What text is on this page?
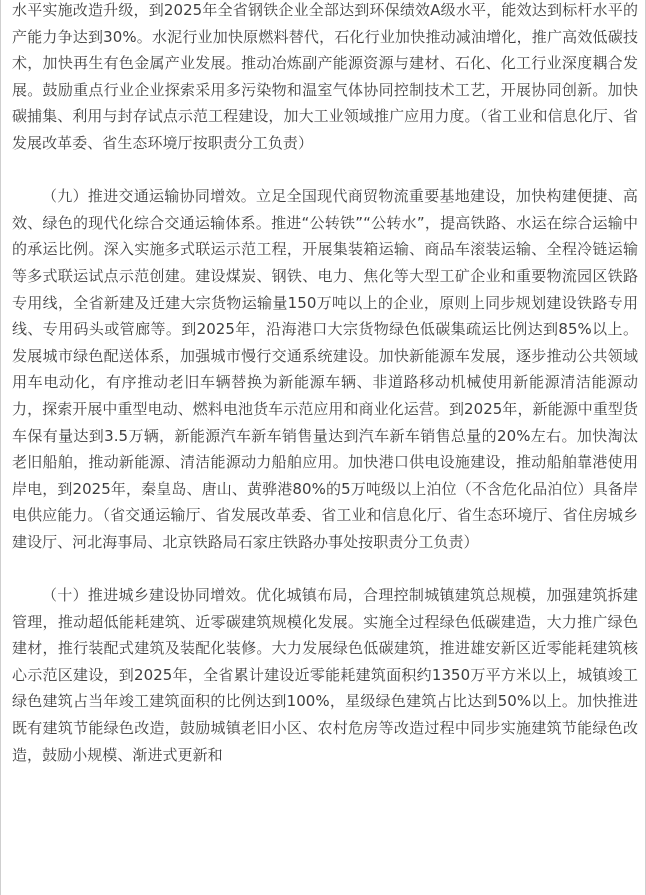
水平实施改造升级，到2025年全省钢铁企业全部达到环保绩效A级水平，能效达到标杆水平的产能力争达到30%。水泥行业加快原燃料替代，石化行业加快推动减油增化，推广高效低碳技术，加快再生有色金属产业发展。推动冶炼副产能源资源与建材、石化、化工行业深度耦合发展。鼓励重点行业企业探索采用多污染物和温室气体协同控制技术工艺，开展协同创新。加快碳捕集、利用与封存试点示范工程建设，加大工业领域推广应用力度。（省工业和信息化厅、省发展改革委、省生态环境厅按职责分工负责）

（九）推进交通运输协同增效。立足全国现代商贸物流重要基地建设，加快构建便捷、高效、绿色的现代化综合交通运输体系。推进“公转铁”“公转水”，提高铁路、水运在综合运输中的承运比例。深入实施多式联运示范工程，开展集装箱运输、商品车滚装运输、全程冷链运输等多式联运试点示范创建。建设煤炭、钢铁、电力、焦化等大型工矿企业和重要物流园区铁路专用线，全省新建及迁建大宗货物运输量150万吨以上的企业，原则上同步规划建设铁路专用线、专用码头或管廊等。到2025年，沿海港口大宗货物绿色低碳集疏运比例达到85%以上。发展城市绿色配送体系，加强城市慢行交通系统建设。加快新能源车发展，逐步推动公共领域用车电动化，有序推动老旧车辆替换为新能源车辆、非道路移动机械使用新能源清洁能源动力，探索开展中重型电动、燃料电池货车示范应用和商业化运营。到2025年，新能源中重型货车保有量达到3.5万辆，新能源汽车新车销售量达到汽车新车销售总量的20%左右。加快淘汰老旧船舶，推动新能源、清洁能源动力船舶应用。加快港口供电设施建设，推动船舶靠港使用岸电，到2025年，秦皇岛、唐山、黄骅港80%的5万吨级以上泊位（不含危化品泊位）具备岸电供应能力。（省交通运输厅、省发展改革委、省工业和信息化厅、省生态环境厅、省住房城乡建设厅、河北海事局、北京铁路局石家庄铁路办事处按职责分工负责）

（十）推进城乡建设协同增效。优化城镇布局，合理控制城镇建筑总规模，加强建筑拆建管理，推动超低能耗建筑、近零碳建筑规模化发展。实施全过程绿色低碳建造，大力推广绿色建材，推行装配式建筑及装配化装修。大力发展绿色低碳建筑，推进雄安新区近零能耗建筑核心示范区建设，到2025年，全省累计建设近零能耗建筑面积约1350万平方米以上，城镇竣工绿色建筑占当年竣工建筑面积的比例达到100%，星级绿色建筑占比达到50%以上。加快推进既有建筑节能绿色改造，鼓励城镇老旧小区、农村危房等改造过程中同步实施建筑节能绿色改造，鼓励小规模、渐进式更新和
